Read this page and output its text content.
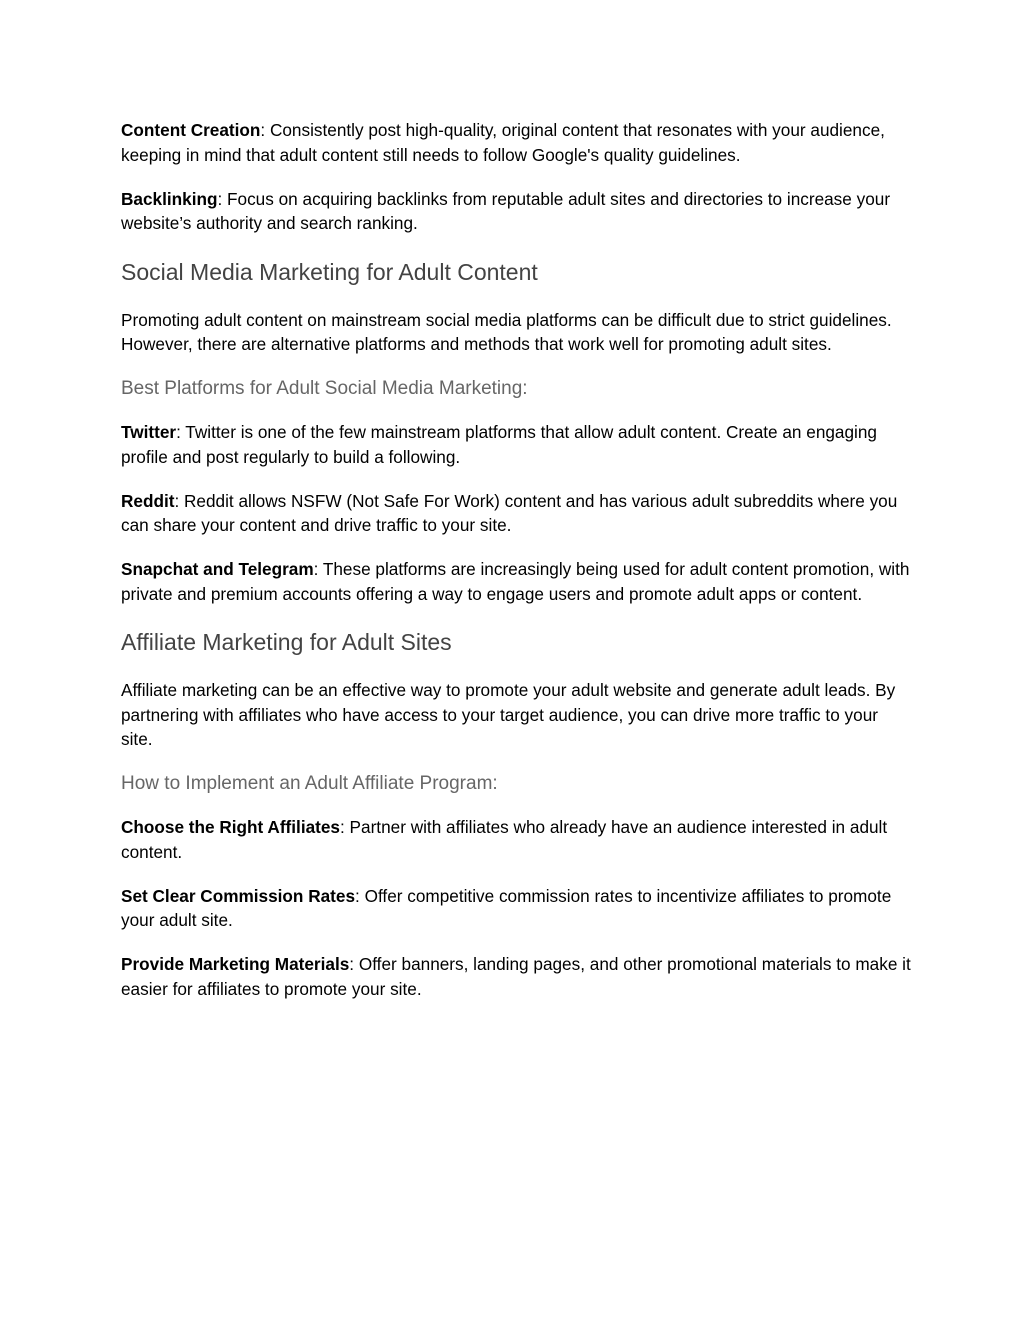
Content Creation: Consistently post high-quality, original content that resonates with your audience, keeping in mind that adult content still needs to follow Google's quality guidelines.

Backlinking: Focus on acquiring backlinks from reputable adult sites and directories to increase your website’s authority and search ranking.

Social Media Marketing for Adult Content

Promoting adult content on mainstream social media platforms can be difficult due to strict guidelines. However, there are alternative platforms and methods that work well for promoting adult sites.

Best Platforms for Adult Social Media Marketing:

Twitter: Twitter is one of the few mainstream platforms that allow adult content. Create an engaging profile and post regularly to build a following.

Reddit: Reddit allows NSFW (Not Safe For Work) content and has various adult subreddits where you can share your content and drive traffic to your site.

Snapchat and Telegram: These platforms are increasingly being used for adult content promotion, with private and premium accounts offering a way to engage users and promote adult apps or content.

Affiliate Marketing for Adult Sites

Affiliate marketing can be an effective way to promote your adult website and generate adult leads. By partnering with affiliates who have access to your target audience, you can drive more traffic to your site.

How to Implement an Adult Affiliate Program:

Choose the Right Affiliates: Partner with affiliates who already have an audience interested in adult content.

Set Clear Commission Rates: Offer competitive commission rates to incentivize affiliates to promote your adult site.

Provide Marketing Materials: Offer banners, landing pages, and other promotional materials to make it easier for affiliates to promote your site.
